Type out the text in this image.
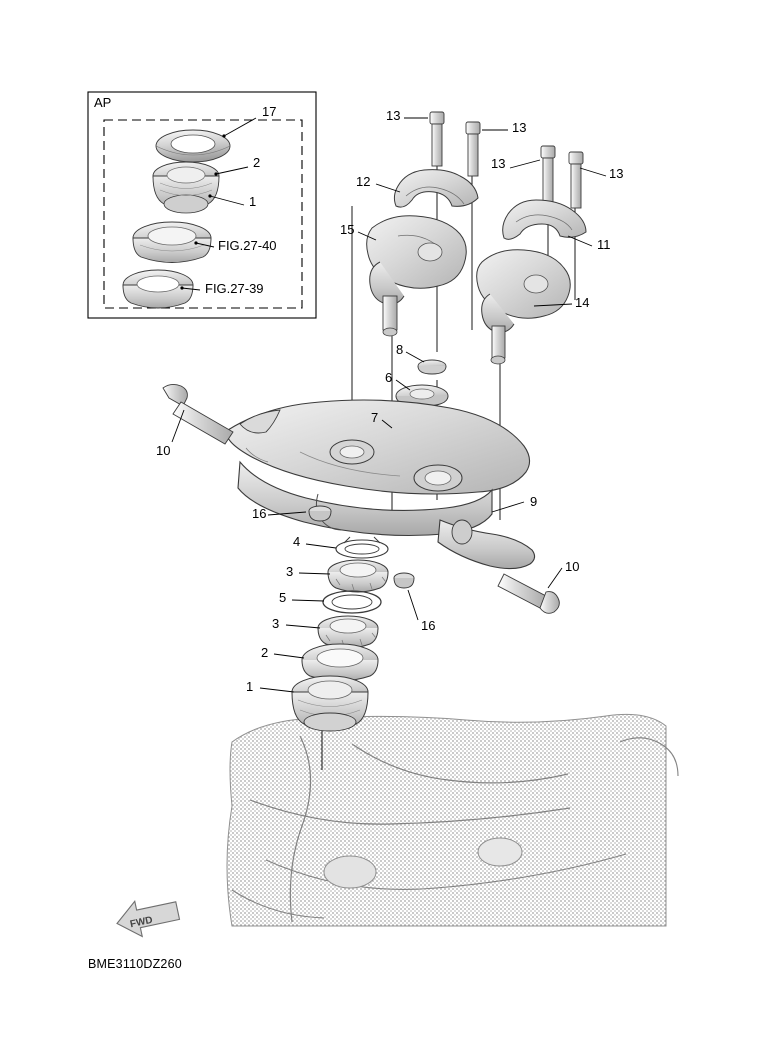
AP
FIG.27-40
FIG.27-39
17
2
1
13
13
13
13
12
11
15
14
8
6
7
10
16
9
10
4
3
16
5
3
2
1
FWD
BME3110DZ260
